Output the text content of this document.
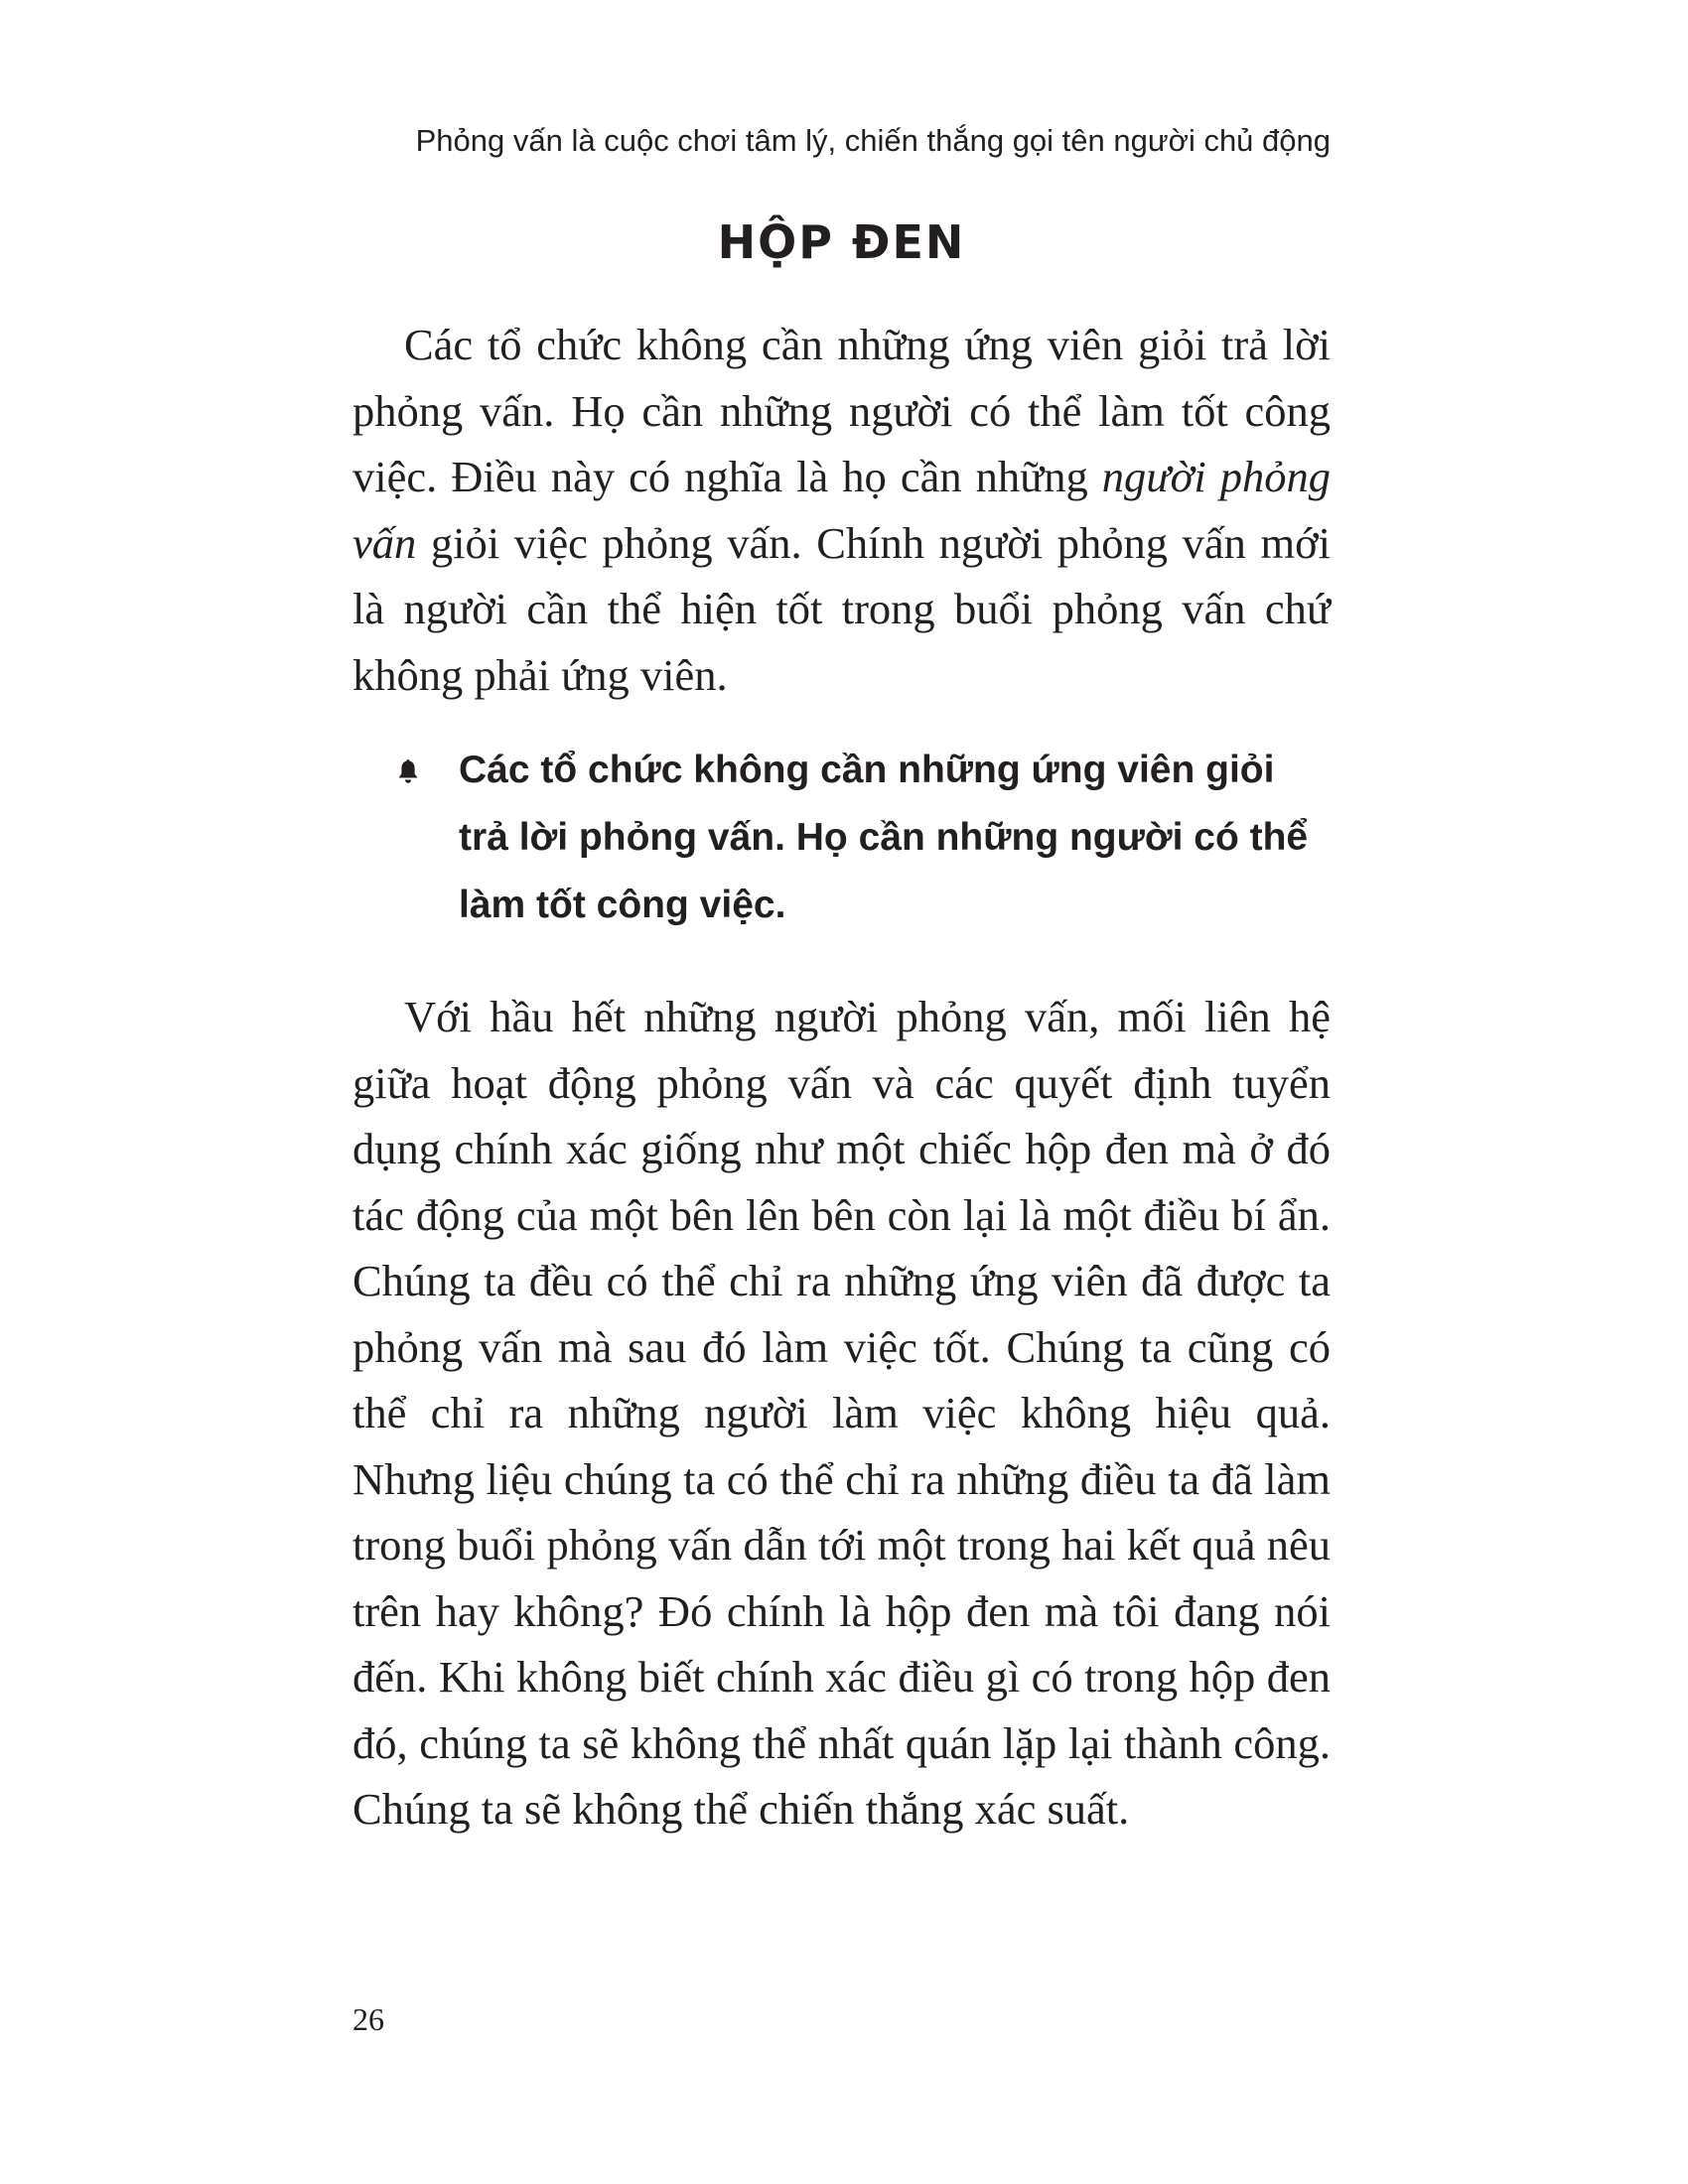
Phỏng vấn là cuộc chơi tâm lý, chiến thắng gọi tên người chủ động
HỘP ĐEN

Các tổ chức không cần những ứng viên giỏi trả lời phỏng vấn. Họ cần những người có thể làm tốt công việc. Điều này có nghĩa là họ cần những người phỏng vấn giỏi việc phỏng vấn. Chính người phỏng vấn mới là người cần thể hiện tốt trong buổi phỏng vấn chứ không phải ứng viên.

Các tổ chức không cần những ứng viên giỏi trả lời phỏng vấn. Họ cần những người có thể làm tốt công việc.

Với hầu hết những người phỏng vấn, mối liên hệ giữa hoạt động phỏng vấn và các quyết định tuyển dụng chính xác giống như một chiếc hộp đen mà ở đó tác động của một bên lên bên còn lại là một điều bí ẩn. Chúng ta đều có thể chỉ ra những ứng viên đã được ta phỏng vấn mà sau đó làm việc tốt. Chúng ta cũng có thể chỉ ra những người làm việc không hiệu quả. Nhưng liệu chúng ta có thể chỉ ra những điều ta đã làm trong buổi phỏng vấn dẫn tới một trong hai kết quả nêu trên hay không? Đó chính là hộp đen mà tôi đang nói đến. Khi không biết chính xác điều gì có trong hộp đen đó, chúng ta sẽ không thể nhất quán lặp lại thành công. Chúng ta sẽ không thể chiến thắng xác suất.

26
